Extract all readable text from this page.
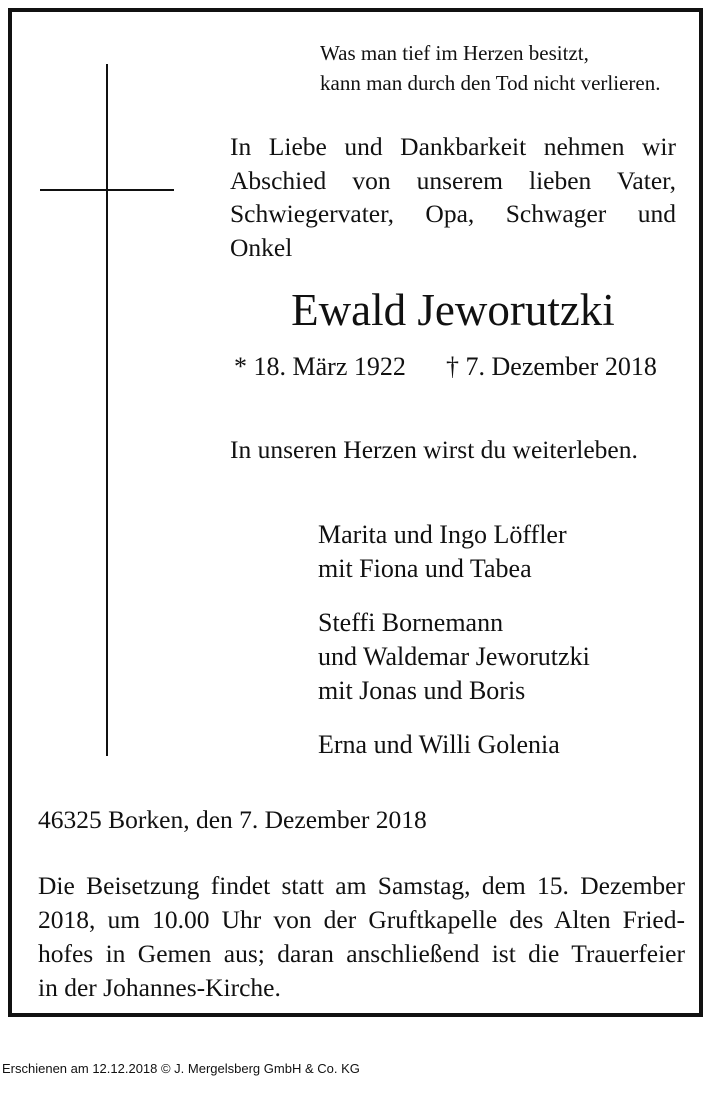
Was man tief im Herzen besitzt,
kann man durch den Tod nicht verlieren.
In Liebe und Dankbarkeit nehmen wir
Abschied von unserem lieben Vater,
Schwiegervater, Opa, Schwager und
Onkel
Ewald Jeworutzki
* 18. März 1922 † 7. Dezember 2018
In unseren Herzen wirst du weiterleben.
Marita und Ingo Löffler
mit Fiona und Tabea
Steffi Bornemann
und Waldemar Jeworutzki
mit Jonas und Boris
Erna und Willi Golenia
46325 Borken, den 7. Dezember 2018
Die Beisetzung findet statt am Samstag, dem 15. Dezember
2018, um 10.00 Uhr von der Gruftkapelle des Alten Fried-
hofes in Gemen aus; daran anschließend ist die Trauerfeier
in der Johannes-Kirche.
Erschienen am 12.12.2018 © J. Mergelsberg GmbH & Co. KG
